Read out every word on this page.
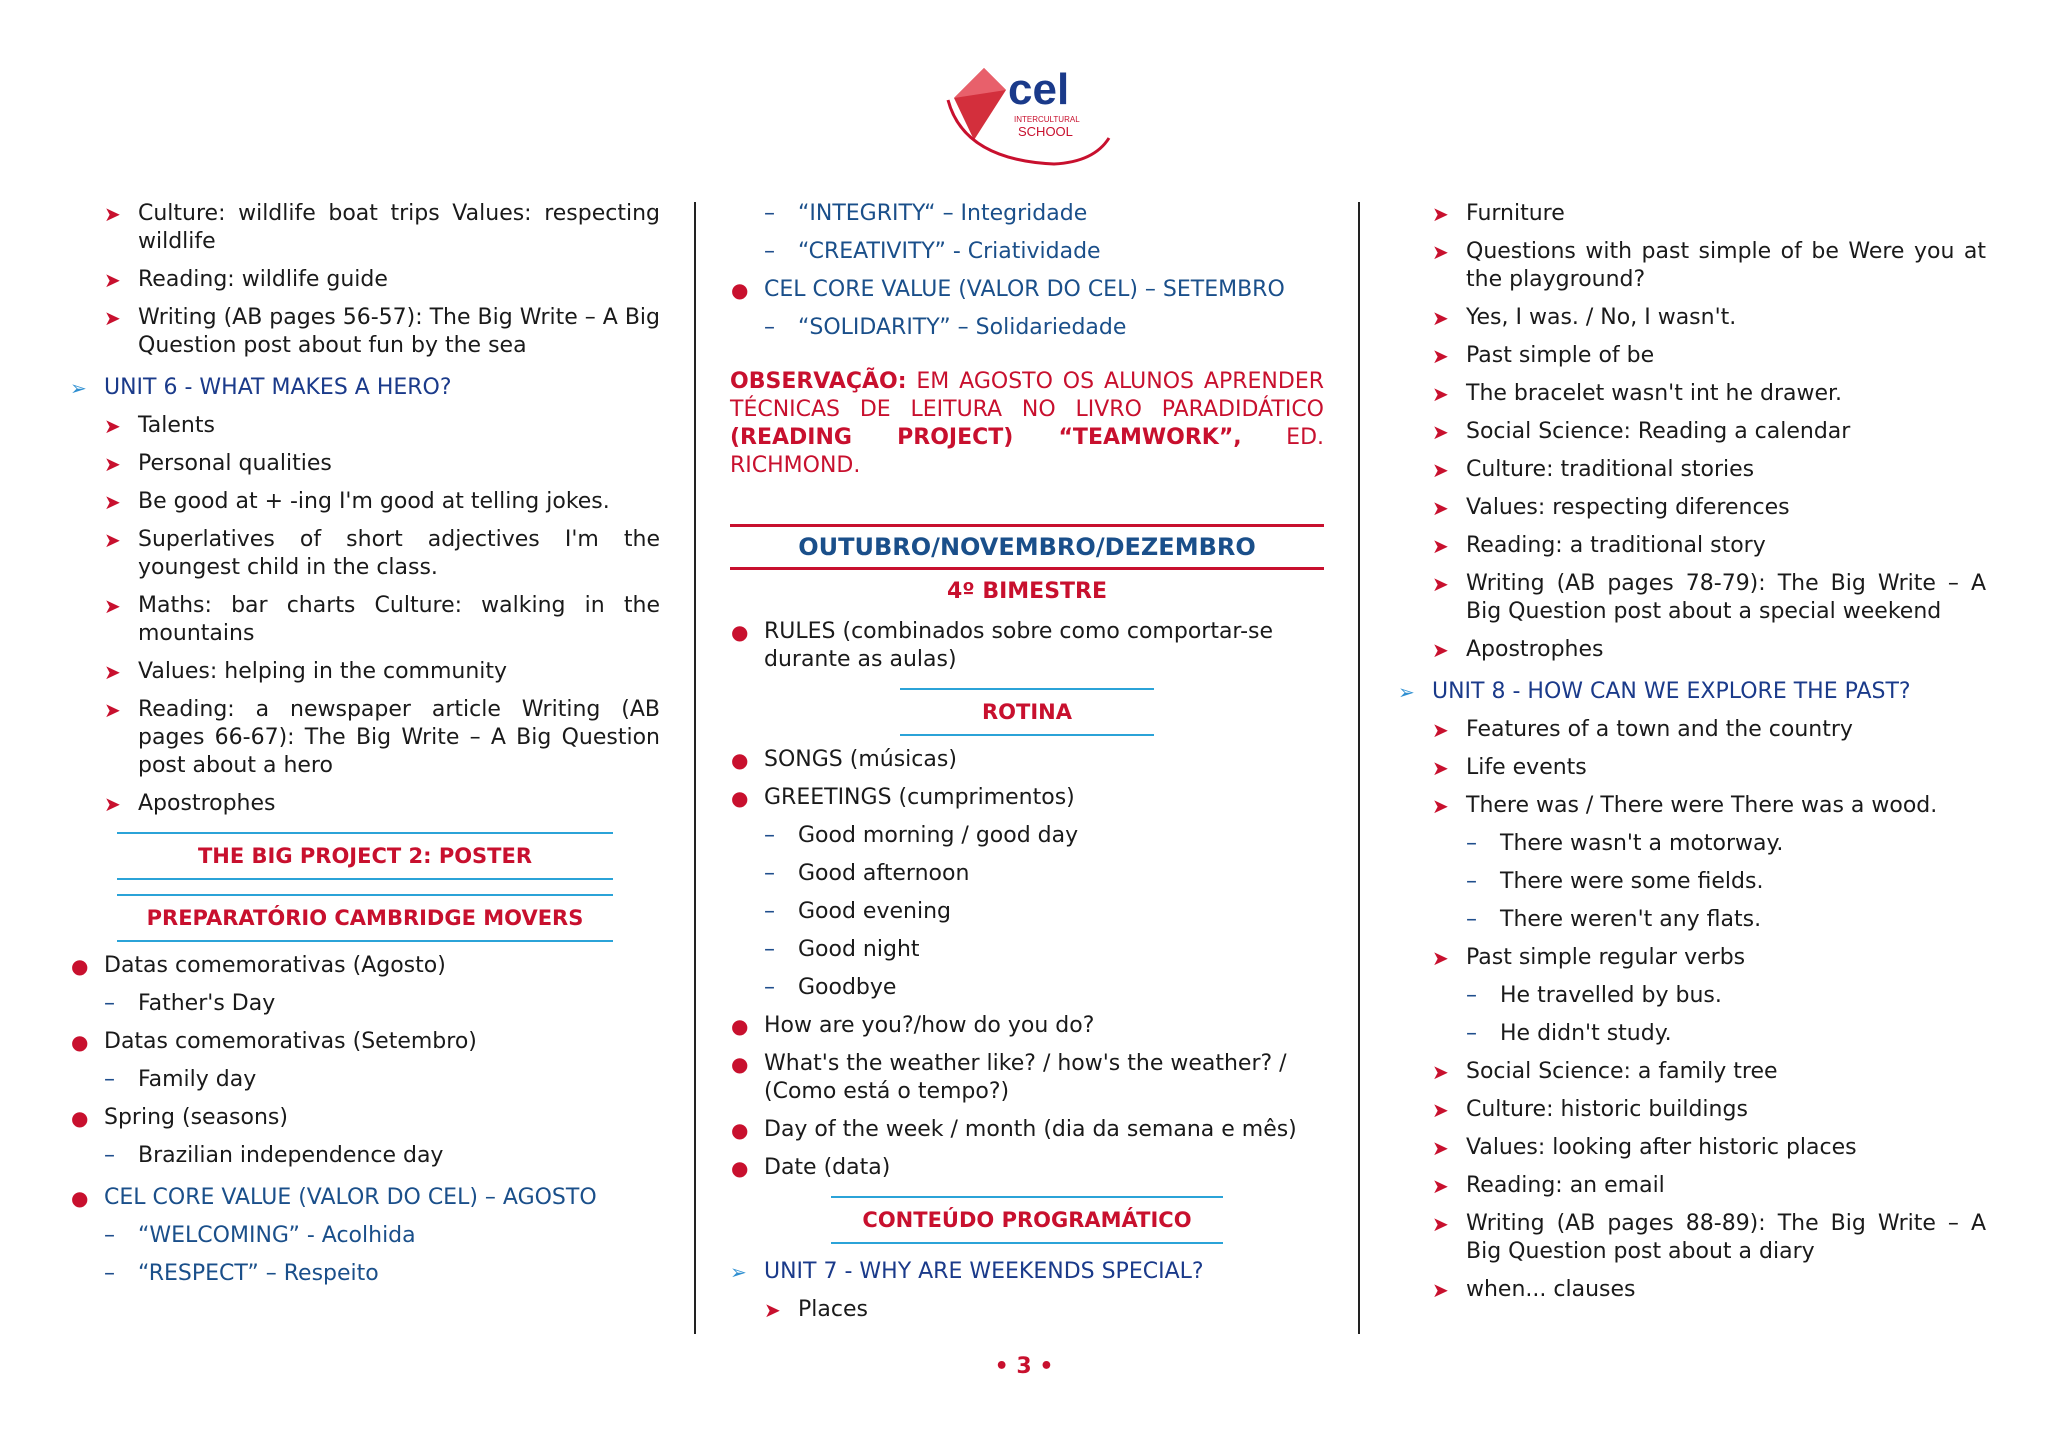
cel
INTERCULTURAL
SCHOOL
➤ Culture: wildlife boat trips Values: respecting wildlife
➤ Reading: wildlife guide
➤ Writing (AB pages 56-57): The Big Write – A Big Question post about fun by the sea
➢ UNIT 6 - WHAT MAKES A HERO?
➤ Talents
➤ Personal qualities
➤ Be good at + -ing I'm good at telling jokes.
➤ Superlatives of short adjectives I'm the youngest child in the class.
➤ Maths: bar charts Culture: walking in the mountains
➤ Values: helping in the community
➤ Reading: a newspaper article Writing (AB pages 66-67): The Big Write – A Big Question post about a hero
➤ Apostrophes
THE BIG PROJECT 2: POSTER
PREPARATÓRIO CAMBRIDGE MOVERS
● Datas comemorativas (Agosto)
– Father's Day
● Datas comemorativas (Setembro)
– Family day
● Spring (seasons)
– Brazilian independence day
● CEL CORE VALUE (VALOR DO CEL) – AGOSTO
– “WELCOMING” - Acolhida
– “RESPECT” – Respeito
– “INTEGRITY“ – Integridade
– “CREATIVITY” - Criatividade
● CEL CORE VALUE (VALOR DO CEL) – SETEMBRO
– “SOLIDARITY” – Solidariedade
OBSERVAÇÃO: EM AGOSTO OS ALUNOS APRENDER TÉCNICAS DE LEITURA NO LIVRO PARADIDÁTICO (READING PROJECT) “TEAMWORK”, ED. RICHMOND.
OUTUBRO/NOVEMBRO/DEZEMBRO
4º BIMESTRE
● RULES (combinados sobre como comportar-se durante as aulas)
ROTINA
● SONGS (músicas)
● GREETINGS (cumprimentos)
– Good morning / good day
– Good afternoon
– Good evening
– Good night
– Goodbye
● How are you?/how do you do?
● What's the weather like? / how's the weather? / (Como está o tempo?)
● Day of the week / month (dia da semana e mês)
● Date (data)
CONTEÚDO PROGRAMÁTICO
➢ UNIT 7 - WHY ARE WEEKENDS SPECIAL?
➤ Places
➤ Furniture
➤ Questions with past simple of be Were you at the playground?
➤ Yes, I was. / No, I wasn't.
➤ Past simple of be
➤ The bracelet wasn't int he drawer.
➤ Social Science: Reading a calendar
➤ Culture: traditional stories
➤ Values: respecting diferences
➤ Reading: a traditional story
➤ Writing (AB pages 78-79): The Big Write – A Big Question post about a special weekend
➤ Apostrophes
➢ UNIT 8 - HOW CAN WE EXPLORE THE PAST?
➤ Features of a town and the country
➤ Life events
➤ There was / There were There was a wood.
– There wasn't a motorway.
– There were some fields.
– There weren't any flats.
➤ Past simple regular verbs
– He travelled by bus.
– He didn't study.
➤ Social Science: a family tree
➤ Culture: historic buildings
➤ Values: looking after historic places
➤ Reading: an email
➤ Writing (AB pages 88-89): The Big Write – A Big Question post about a diary
➤ when... clauses
• 3 •
